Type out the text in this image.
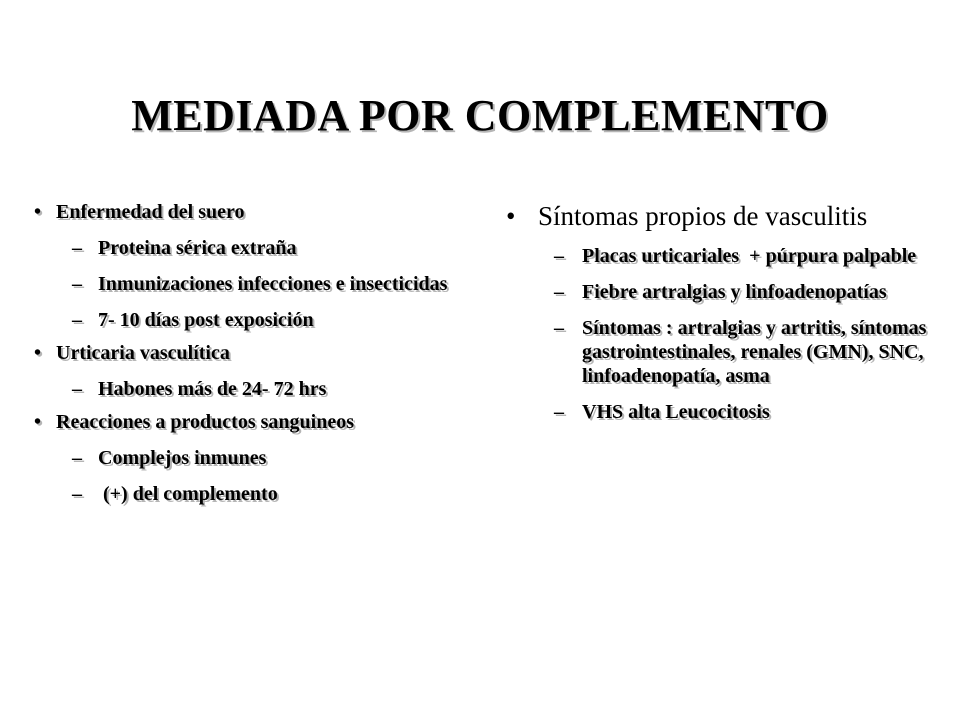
MEDIADA POR COMPLEMENTO

• Enfermedad del suero

– Proteina sérica extraña

– Inmunizaciones infecciones e insecticidas

– 7- 10 días post exposición

• Urticaria vasculítica

– Habones más de 24- 72 hrs

• Reacciones a productos sanguineos

– Complejos inmunes

– (+) del complemento

• Síntomas propios de vasculitis

– Placas urticariales  + púrpura palpable

– Fiebre artralgias y linfoadenopatías

– Síntomas : artralgias y artritis, síntomas gastrointestinales, renales (GMN), SNC, linfoadenopatía, asma

– VHS alta Leucocitosis
